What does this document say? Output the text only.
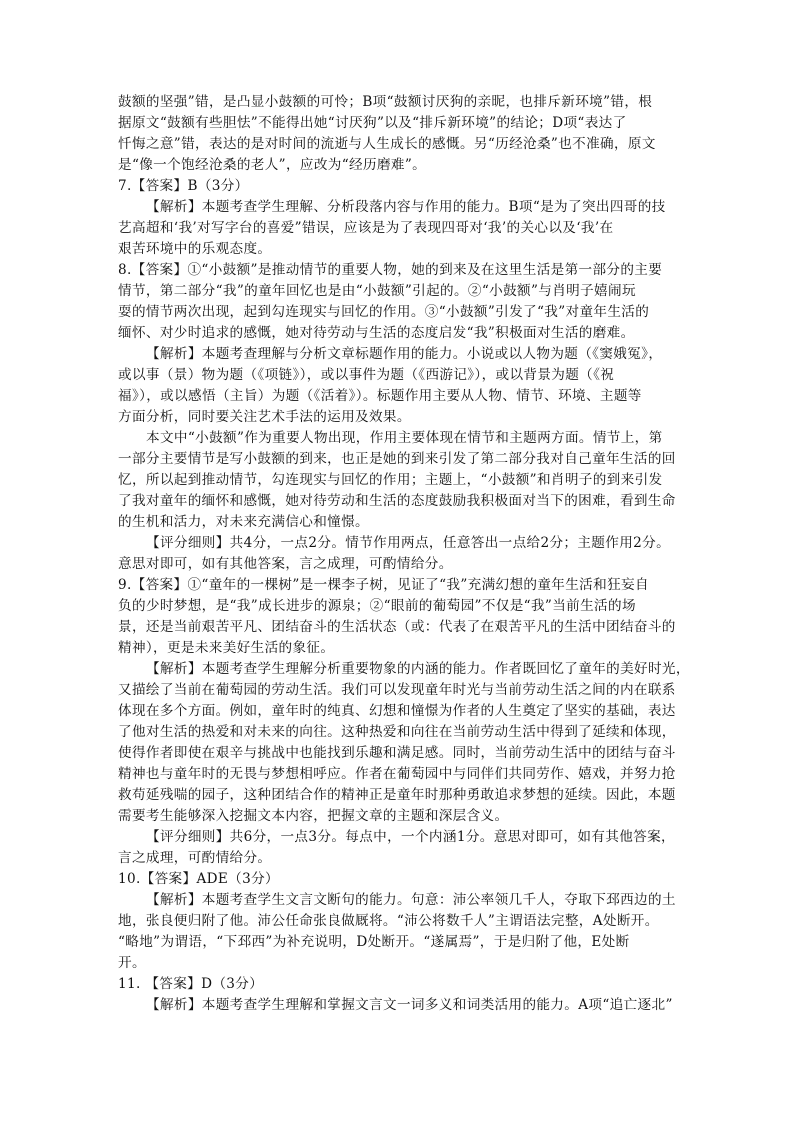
鼓额的坚强”错，是凸显小鼓额的可怜；B项“鼓额讨厌狗的亲昵，也排斥新环境”错，根
据原文“鼓额有些胆怯”不能得出她“讨厌狗”以及“排斥新环境”的结论；D项“表达了
忏悔之意”错，表达的是对时间的流逝与人生成长的感慨。另“历经沧桑”也不准确，原文
是“像一个饱经沧桑的老人”，应改为“经历磨难”。
7.【答案】B（3分）
【解析】本题考查学生理解、分析段落内容与作用的能力。B项“是为了突出四哥的技
艺高超和‘我’对写字台的喜爱”错误，应该是为了表现四哥对‘我’的关心以及‘我’在
艰苦环境中的乐观态度。
8.【答案】①“小鼓额”是推动情节的重要人物，她的到来及在这里生活是第一部分的主要
情节，第二部分“我”的童年回忆也是由“小鼓额”引起的。②“小鼓额”与肖明子嬉闹玩
耍的情节两次出现，起到勾连现实与回忆的作用。③“小鼓额”引发了“我”对童年生活的
缅怀、对少时追求的感慨，她对待劳动与生活的态度启发“我”积极面对生活的磨难。
【解析】本题考查理解与分析文章标题作用的能力。小说或以人物为题（《窦娥冤》，
或以事（景）物为题（《项链》），或以事件为题（《西游记》），或以背景为题（《祝
福》），或以感悟（主旨）为题（《活着》）。标题作用主要从人物、情节、环境、主题等
方面分析，同时要关注艺术手法的运用及效果。
本文中“小鼓额”作为重要人物出现，作用主要体现在情节和主题两方面。情节上，第
一部分主要情节是写小鼓额的到来，也正是她的到来引发了第二部分我对自己童年生活的回
忆，所以起到推动情节，勾连现实与回忆的作用；主题上，“小鼓额”和肖明子的到来引发
了我对童年的缅怀和感慨，她对待劳动和生活的态度鼓励我积极面对当下的困难，看到生命
的生机和活力，对未来充满信心和憧憬。
【评分细则】共4分，一点2分。情节作用两点，任意答出一点给2分；主题作用2分。
意思对即可，如有其他答案，言之成理，可酌情给分。
9.【答案】①“童年的一棵树”是一棵李子树，见证了“我”充满幻想的童年生活和狂妄自
负的少时梦想，是“我”成长进步的源泉；②“眼前的葡萄园”不仅是“我”当前生活的场
景，还是当前艰苦平凡、团结奋斗的生活状态（或：代表了在艰苦平凡的生活中团结奋斗的
精神），更是未来美好生活的象征。
【解析】本题考查学生理解分析重要物象的内涵的能力。作者既回忆了童年的美好时光，
又描绘了当前在葡萄园的劳动生活。我们可以发现童年时光与当前劳动生活之间的内在联系
体现在多个方面。例如，童年时的纯真、幻想和憧憬为作者的人生奠定了坚实的基础，表达
了他对生活的热爱和对未来的向往。这种热爱和向往在当前劳动生活中得到了延续和体现，
使得作者即使在艰辛与挑战中也能找到乐趣和满足感。同时，当前劳动生活中的团结与奋斗
精神也与童年时的无畏与梦想相呼应。作者在葡萄园中与同伴们共同劳作、嬉戏，并努力抢
救苟延残喘的园子，这种团结合作的精神正是童年时那种勇敢追求梦想的延续。因此，本题
需要考生能够深入挖掘文本内容，把握文章的主题和深层含义。
【评分细则】共6分，一点3分。每点中，一个内涵1分。意思对即可，如有其他答案，
言之成理，可酌情给分。
10.【答案】ADE（3分）
【解析】本题考查学生文言文断句的能力。句意：沛公率领几千人，夺取下邳西边的土
地，张良便归附了他。沛公任命张良做厩将。“沛公将数千人”主谓语法完整，A处断开。
“略地”为谓语，“下邳西”为补充说明，D处断开。“遂属焉”，于是归附了他，E处断
开。
11. 【答案】D（3分）
【解析】本题考查学生理解和掌握文言文一词多义和词类活用的能力。A项“追亡逐北”
